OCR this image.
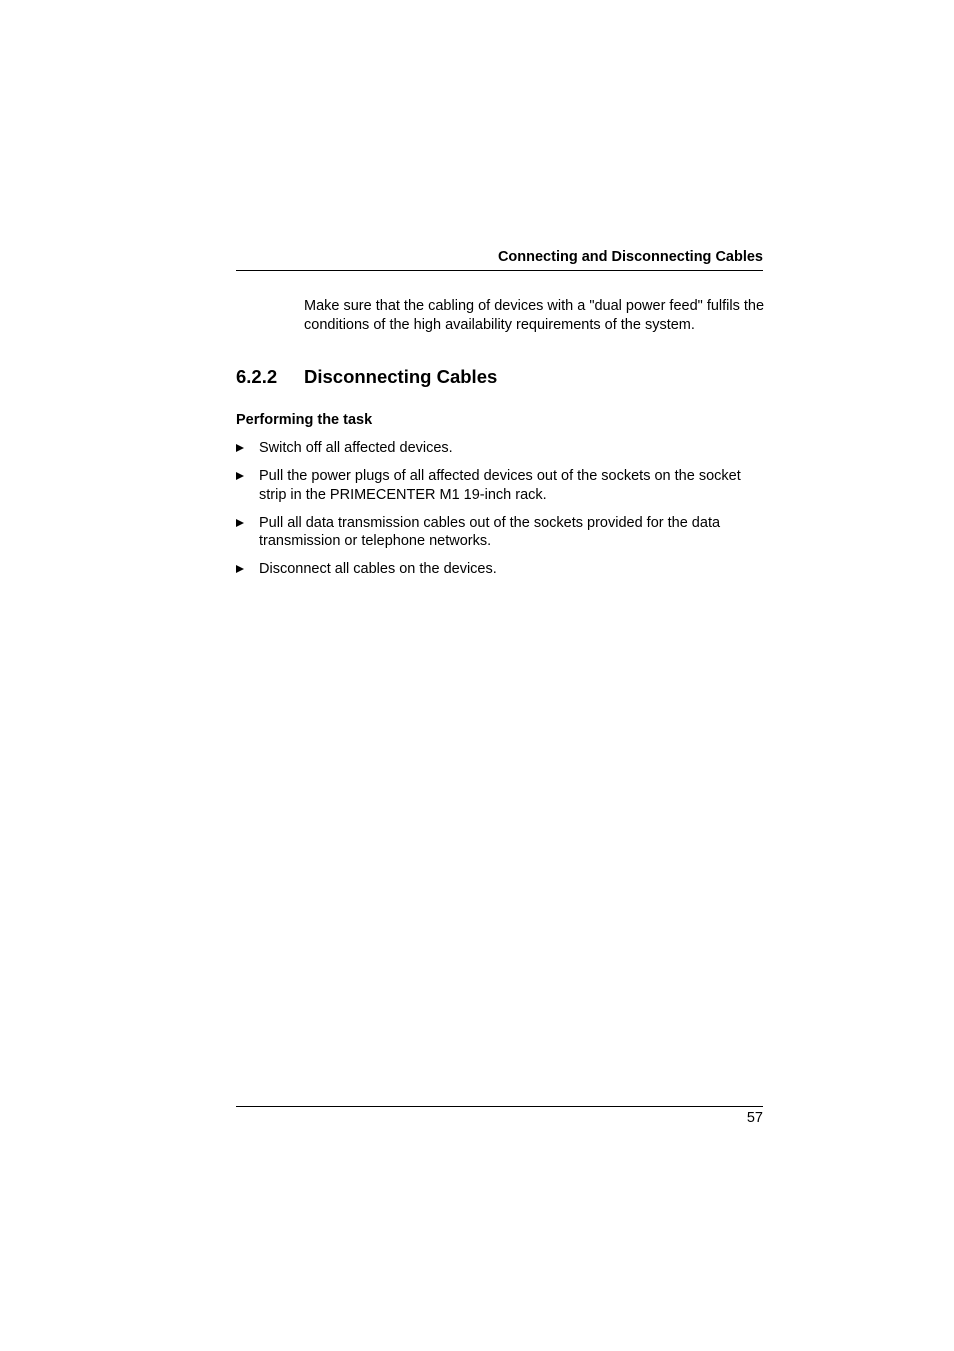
Connecting and Disconnecting Cables
Make sure that the cabling of devices with a "dual power feed" fulfils the conditions of the high availability requirements of the system.
6.2.2 Disconnecting Cables
Performing the task
Switch off all affected devices.
Pull the power plugs of all affected devices out of the sockets on the socket strip in the PRIMECENTER M1 19-inch rack.
Pull all data transmission cables out of the sockets provided for the data transmission or telephone networks.
Disconnect all cables on the devices.
57
